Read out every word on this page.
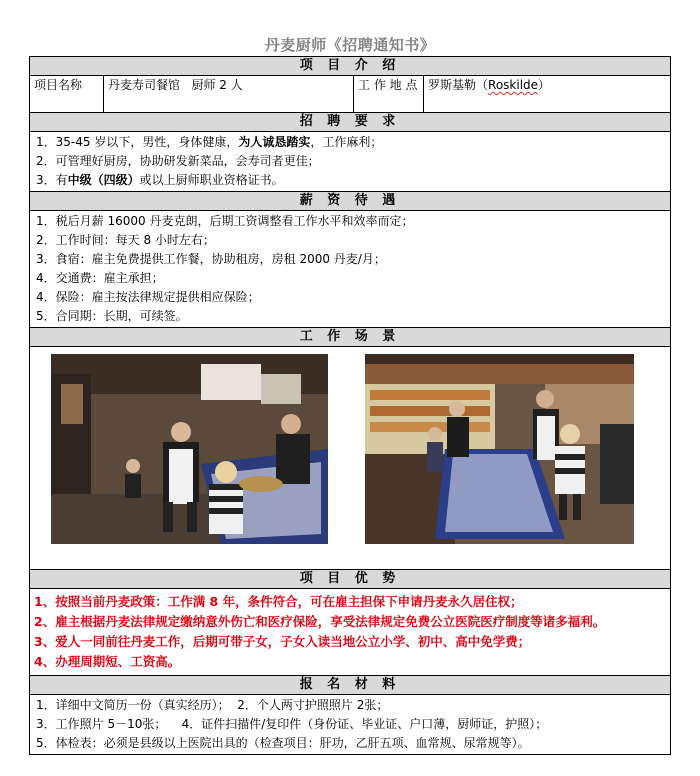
丹麦厨师《招聘通知书》
项 目 介 绍
项目名称	丹麦寿司餐馆   厨师 2 人	工 作 地 点	罗斯基勒（Roskilde）
招 聘 要 求

1．35-45 岁以下，男性，身体健康，为人诚恳踏实，工作麻利；
2．可管理好厨房，协助研发新菜品，会寿司者更佳；
3．有中级（四级）或以上厨师职业资格证书。

薪 资 待 遇

1．税后月薪 16000 丹麦克朗，后期工资调整看工作水平和效率而定；
2．工作时间：每天 8 小时左右；
3．食宿：雇主免费提供工作餐，协助租房，房租 2000 丹麦/月；
4．交通费：雇主承担；
4．保险：雇主按法律规定提供相应保险；
5．合同期：长期，可续签。

工 作 场 景

项 目 优 势

1、按照当前丹麦政策：工作满 8 年，条件符合，可在雇主担保下申请丹麦永久居住权；
2、雇主根据丹麦法律规定缴纳意外伤亡和医疗保险，享受法律规定免费公立医院医疗制度等诸多福利。
3、爱人一同前往丹麦工作，后期可带子女，子女入读当地公立小学、初中、高中免学费；
4、办理周期短、工资高。

报 名 材 料

1．详细中文简历一份（真实经历）；  2．个人两寸护照照片 2张；
3．工作照片 5－10张；    4．证件扫描件/复印件（身份证、毕业证、户口薄，厨师证，护照）；
5．体检表：必须是县级以上医院出具的（检查项目：肝功，乙肝五项、血常规、尿常规等）。
